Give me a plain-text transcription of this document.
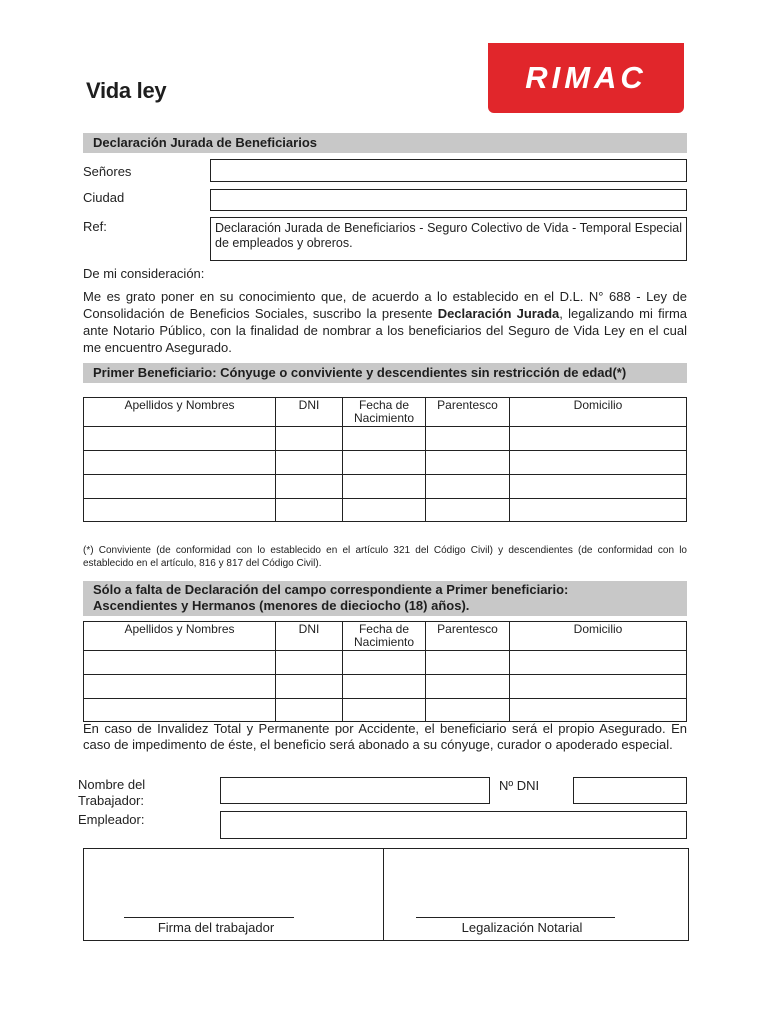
Vida ley	RIMAC
Declaración Jurada de Beneficiarios
Señores
Ciudad
Ref:	Declaración Jurada de Beneficiarios - Seguro Colectivo de Vida - Temporal Especial de empleados y obreros.
De mi consideración:
Me es grato poner en su conocimiento que, de acuerdo a lo establecido en el D.L. N° 688 - Ley de Consolidación de Beneficios Sociales, suscribo la presente Declaración Jurada, legalizando mi firma ante Notario Público, con la finalidad de nombrar a los beneficiarios del Seguro de Vida Ley en el cual me encuentro Asegurado.
Primer Beneficiario: Cónyuge o conviviente y descendientes sin restricción de edad(*)
Apellidos y Nombres	DNI	Fecha de Nacimiento	Parentesco	Domicilio

(*) Conviviente (de conformidad con lo establecido en el artículo 321 del Código Civil) y descendientes (de conformidad con lo establecido en el artículo, 816 y 817 del Código Civil).
Sólo a falta de Declaración del campo correspondiente a Primer beneficiario:
Ascendientes y Hermanos (menores de dieciocho (18) años).
Apellidos y Nombres	DNI	Fecha de Nacimiento	Parentesco	Domicilio

En caso de Invalidez Total y Permanente por Accidente, el beneficiario será el propio Asegurado. En caso de impedimento de éste, el beneficio será abonado a su cónyuge, curador o apoderado especial.
Nombre del
Trabajador:
Nº DNI
Empleador:
Firma del trabajador	Legalización Notarial
